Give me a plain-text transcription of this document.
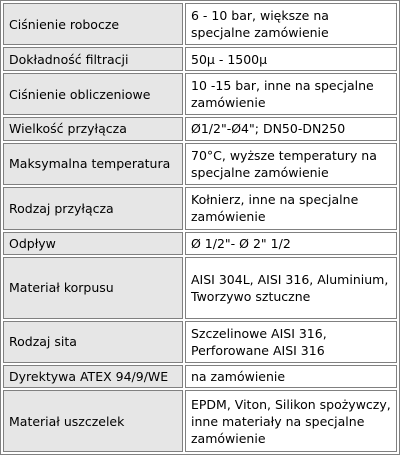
Ciśnienie robocze	6 - 10 bar, większe na specjalne zamówienie
Dokładność filtracji	50μ - 1500μ
Ciśnienie obliczeniowe	10 -15 bar, inne na specjalne zamówienie
Wielkość przyłącza	Ø1/2"-Ø4"; DN50-DN250
Maksymalna temperatura	70°C, wyższe temperatury na specjalne zamówienie
Rodzaj przyłącza	Kołnierz, inne na specjalne zamówienie
Odpływ	Ø 1/2"- Ø 2" 1/2
Materiał korpusu	AISI 304L, AISI 316, Aluminium, Tworzywo sztuczne
Rodzaj sita	Szczelinowe AISI 316, Perforowane AISI 316
Dyrektywa ATEX 94/9/WE	na zamówienie
Materiał uszczelek	EPDM, Viton, Silikon spożywczy, inne materiały na specjalne zamówienie
